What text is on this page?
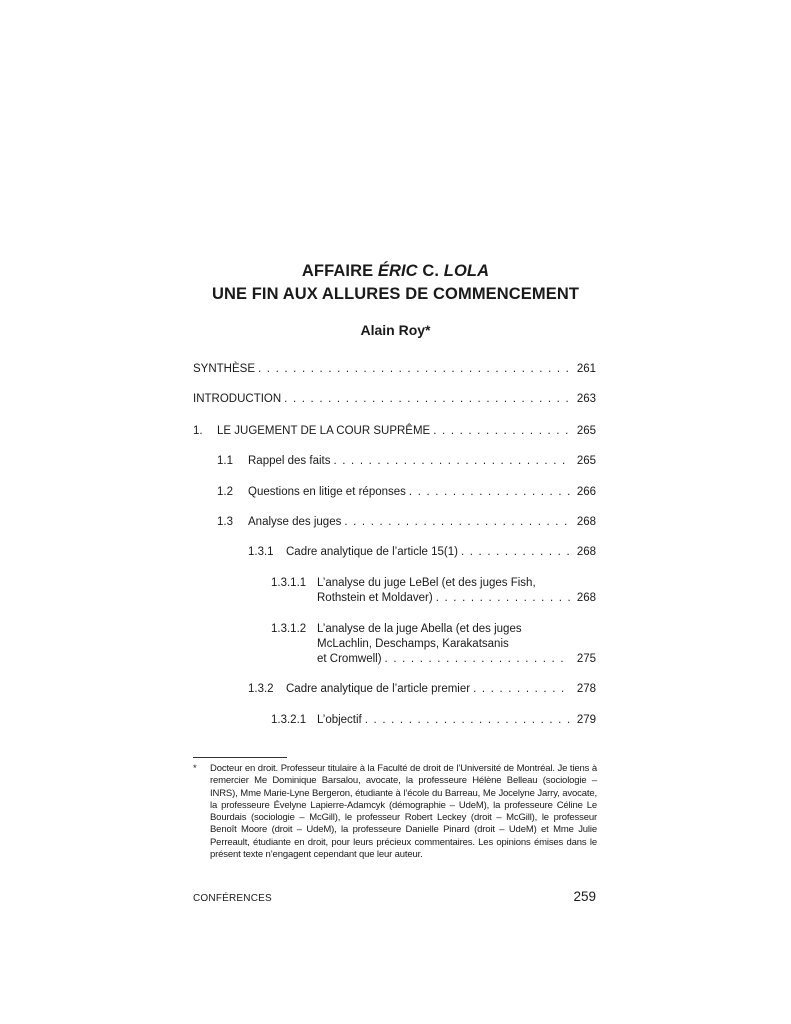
AFFAIRE ÉRIC C. LOLA
UNE FIN AUX ALLURES DE COMMENCEMENT
Alain Roy*
SYNTHÈSE . . .	261
INTRODUCTION . . .	263
1.	LE JUGEMENT DE LA COUR SUPRÊME . . .	265
1.1	Rappel des faits . . .	265
1.2	Questions en litige et réponses . . .	266
1.3	Analyse des juges . . .	268
1.3.1	Cadre analytique de l’article 15(1) . . .	268
1.3.1.1 L’analyse du juge LeBel (et des juges Fish,
Rothstein et Moldaver) . . .	268
1.3.1.2 L’analyse de la juge Abella (et des juges
McLachlin, Deschamps, Karakatsanis
et Cromwell) . . .	275
1.3.2	Cadre analytique de l’article premier . . .	278
1.3.2.1 L’objectif . . .	279
* Docteur en droit. Professeur titulaire à la Faculté de droit de l’Université de Montréal. Je tiens à remercier Me Dominique Barsalou, avocate, la professeure Hélène Belleau (sociologie – INRS), Mme Marie-Lyne Bergeron, étudiante à l’école du Barreau, Me Jocelyne Jarry, avocate, la professeure Évelyne Lapierre-Adamcyk (démographie – UdeM), la professeure Céline Le Bourdais (sociologie – McGill), le professeur Robert Leckey (droit – McGill), le professeur Benoît Moore (droit – UdeM), la professeure Danielle Pinard (droit – UdeM) et Mme Julie Perreault, étudiante en droit, pour leurs précieux commentaires. Les opinions émises dans le présent texte n’engagent cependant que leur auteur.
CONFÉRENCES	259
